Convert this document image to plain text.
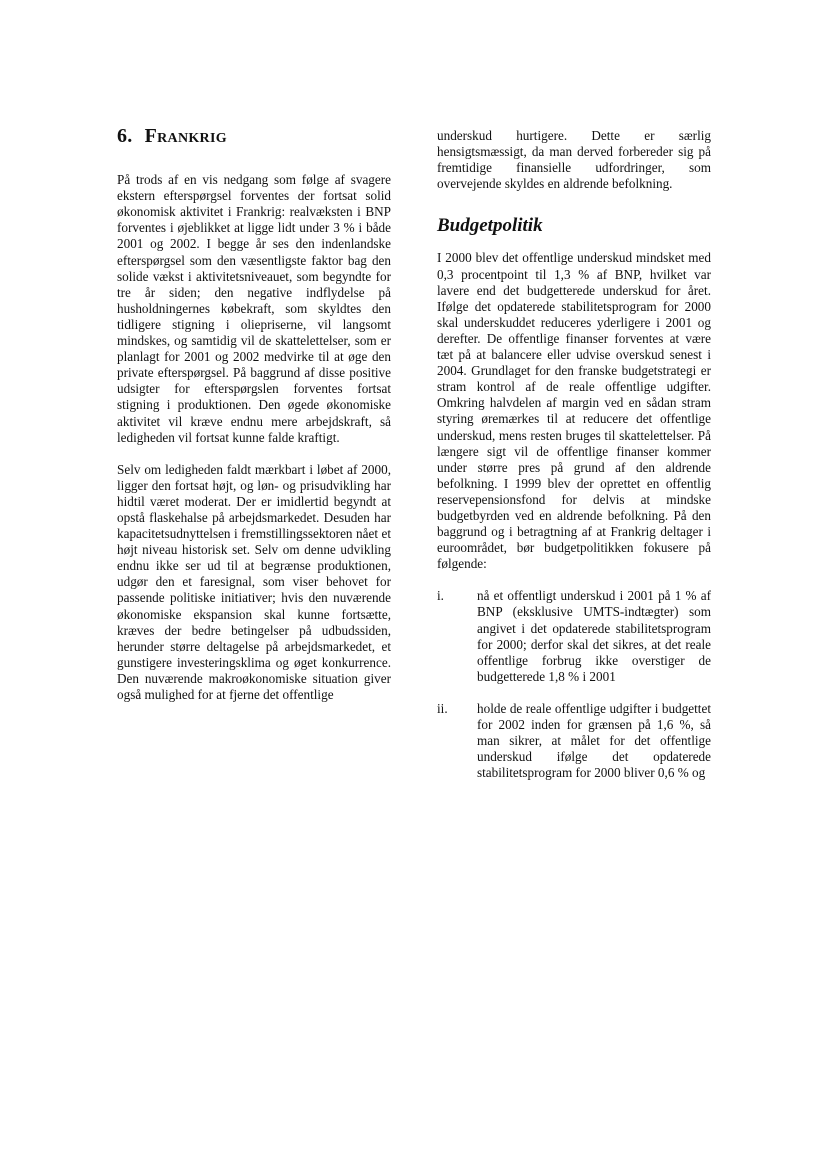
6. Frankrig

På trods af en vis nedgang som følge af svagere ekstern efterspørgsel forventes der fortsat solid økonomisk aktivitet i Frankrig: realvæksten i BNP forventes i øjeblikket at ligge lidt under 3 % i både 2001 og 2002. I begge år ses den indenlandske efterspørgsel som den væsentligste faktor bag den solide vækst i aktivitetsniveauet, som begyndte for tre år siden; den negative indflydelse på husholdningernes købekraft, som skyldtes den tidligere stigning i oliepriserne, vil langsomt mindskes, og samtidig vil de skattelettelser, som er planlagt for 2001 og 2002 medvirke til at øge den private efterspørgsel. På baggrund af disse positive udsigter for efterspørgslen forventes fortsat stigning i produktionen. Den øgede økonomiske aktivitet vil kræve endnu mere arbejdskraft, så ledigheden vil fortsat kunne falde kraftigt.

Selv om ledigheden faldt mærkbart i løbet af 2000, ligger den fortsat højt, og løn- og prisudvikling har hidtil været moderat. Der er imidlertid begyndt at opstå flaskehalse på arbejdsmarkedet. Desuden har kapacitetsudnyttelsen i fremstillingssektoren nået et højt niveau historisk set. Selv om denne udvikling endnu ikke ser ud til at begrænse produktionen, udgør den et faresignal, som viser behovet for passende politiske initiativer; hvis den nuværende økonomiske ekspansion skal kunne fortsætte, kræves der bedre betingelser på udbudssiden, herunder større deltagelse på arbejdsmarkedet, et gunstigere investeringsklima og øget konkurrence. Den nuværende makroøkonomiske situation giver også mulighed for at fjerne det offentlige

underskud hurtigere. Dette er særlig hensigtsmæssigt, da man derved forbereder sig på fremtidige finansielle udfordringer, som overvejende skyldes en aldrende befolkning.

Budgetpolitik

I 2000 blev det offentlige underskud mindsket med 0,3 procentpoint til 1,3 % af BNP, hvilket var lavere end det budgetterede underskud for året. Ifølge det opdaterede stabilitetsprogram for 2000 skal underskuddet reduceres yderligere i 2001 og derefter. De offentlige finanser forventes at være tæt på at balancere eller udvise overskud senest i 2004. Grundlaget for den franske budgetstrategi er stram kontrol af de reale offentlige udgifter. Omkring halvdelen af margin ved en sådan stram styring øremærkes til at reducere det offentlige underskud, mens resten bruges til skattelettelser. På længere sigt vil de offentlige finanser kommer under større pres på grund af den aldrende befolkning. I 1999 blev der oprettet en offentlig reservepensionsfond for delvis at mindske budgetbyrden ved en aldrende befolkning. På den baggrund og i betragtning af at Frankrig deltager i euroområdet, bør budgetpolitikken fokusere på følgende:

i.	nå et offentligt underskud i 2001 på 1 % af BNP (eksklusive UMTS-indtægter) som angivet i det opdaterede stabilitetsprogram for 2000; derfor skal det sikres, at det reale offentlige forbrug ikke overstiger de budgetterede 1,8 % i 2001
ii.	holde de reale offentlige udgifter i budgettet for 2002 inden for grænsen på 1,6 %, så man sikrer, at målet for det offentlige underskud ifølge det opdaterede stabilitetsprogram for 2000 bliver 0,6 % og
